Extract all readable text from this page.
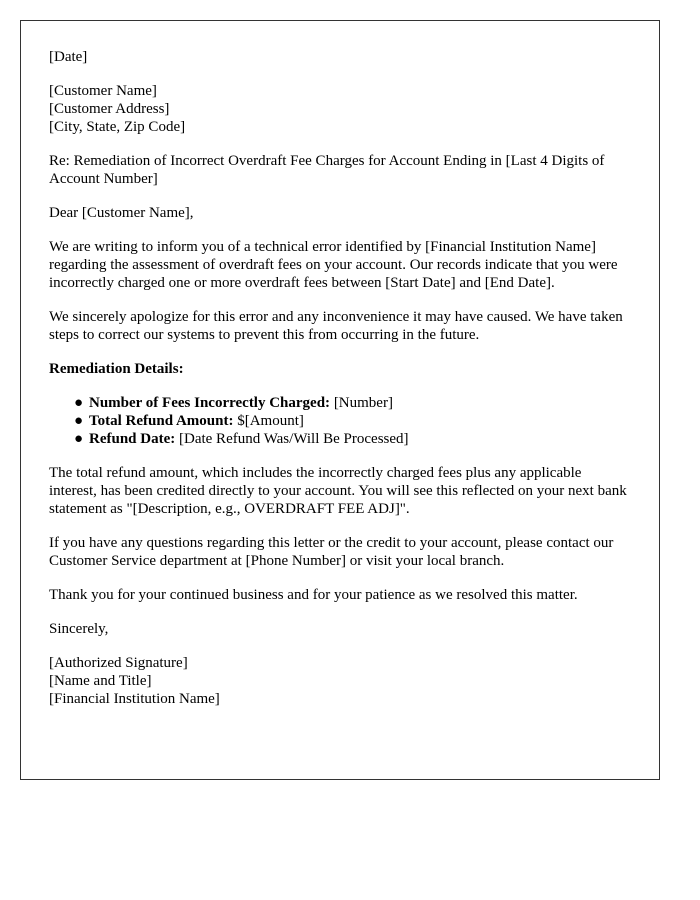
[Date]

[Customer Name]
[Customer Address]
[City, State, Zip Code]

Re: Remediation of Incorrect Overdraft Fee Charges for Account Ending in [Last 4 Digits of Account Number]

Dear [Customer Name],

We are writing to inform you of a technical error identified by [Financial Institution Name] regarding the assessment of overdraft fees on your account. Our records indicate that you were incorrectly charged one or more overdraft fees between [Start Date] and [End Date].

We sincerely apologize for this error and any inconvenience it may have caused. We have taken steps to correct our systems to prevent this from occurring in the future.

Remediation Details:

● Number of Fees Incorrectly Charged: [Number]
● Total Refund Amount: $[Amount]
● Refund Date: [Date Refund Was/Will Be Processed]

The total refund amount, which includes the incorrectly charged fees plus any applicable interest, has been credited directly to your account. You will see this reflected on your next bank statement as "[Description, e.g., OVERDRAFT FEE ADJ]".

If you have any questions regarding this letter or the credit to your account, please contact our Customer Service department at [Phone Number] or visit your local branch.

Thank you for your continued business and for your patience as we resolved this matter.

Sincerely,

[Authorized Signature]
[Name and Title]
[Financial Institution Name]
